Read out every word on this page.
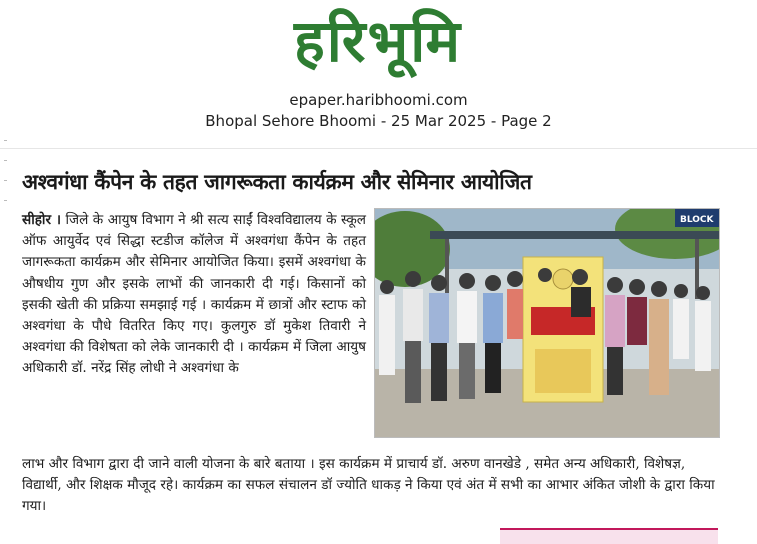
हरिभूमि
epaper.haribhoomi.com
Bhopal Sehore Bhoomi - 25 Mar 2025 - Page 2
अश्वगंधा कैंपेन के तहत जागरूकता कार्यक्रम और सेमिनार आयोजित
सीहोर । जिले के आयुष विभाग ने श्री सत्य साईं विश्वविद्यालय के स्कूल ऑफ आयुर्वेद एवं सिद्धा स्टडीज कॉलेज में अश्वगंधा कैंपेन के तहत जागरूकता कार्यक्रम और सेमिनार आयोजित किया। इसमें अश्वगंधा के औषधीय गुण और इसके लाभों की जानकारी दी गई। किसानों को इसकी खेती की प्रक्रिया समझाई गई । कार्यक्रम में छात्रों और स्टाफ को अश्वगंधा के पौधे वितरित किए गए। कुलगुरु डॉ मुकेश तिवारी ने अश्वगंधा की विशेषता को लेके जानकारी दी । कार्यक्रम में जिला आयुष अधिकारी डॉ. नरेंद्र सिंह लोधी ने अश्वगंधा के
BLOCK
लाभ और विभाग द्वारा दी जाने वाली योजना के बारे बताया । इस कार्यक्रम में प्राचार्य डॉ. अरुण वानखेडे , समेत अन्य अधिकारी, विशेषज्ञ, विद्यार्थी, और शिक्षक मौजूद रहे। कार्यक्रम का सफल संचालन डॉ ज्योति धाकड़ ने किया एवं अंत में सभी का आभार अंकित जोशी के द्वारा किया गया।
